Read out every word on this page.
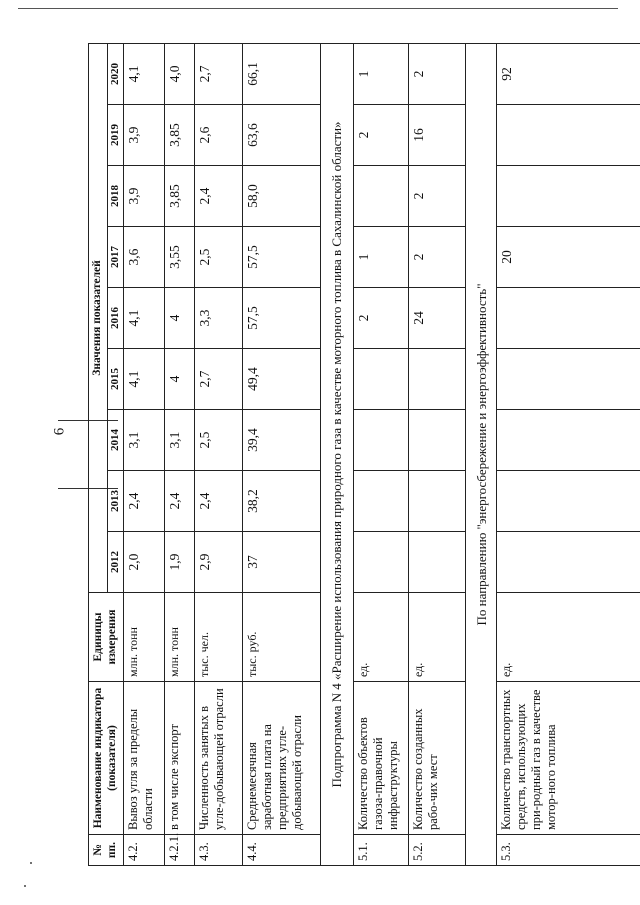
6
№ пп.	Наименование индикатора (показателя)	Единицы измерения	Значения показателей								
			2012	2013	2014	2015	2016	2017	2018	2019	2020
4.2.	Вывоз угля за пределы области	млн. тонн	2,0	2,4	3,1	4,1	4,1	3,6	3,9	3,9	4,1
4.2.1.	в том числе экспорт	млн. тонн	1,9	2,4	3,1	4	4	3,55	3,85	3,85	4,0
4.3.	Численность занятых в угле-добывающей отрасли	тыс. чел.	2,9	2,4	2,5	2,7	3,3	2,5	2,4	2,6	2,7
4.4.	Среднемесячная заработная плата на предприятиях угле-добывающей отрасли	тыс. руб.	37	38,2	39,4	49,4	57,5	57,5	58,0	63,6	66,1
Подпрограмма N 4 «Расширение использования природного газа в качестве моторного топлива в Сахалинской области»											
5.1.	Количество объектов газоза-правочной инфраструктуры	ед.					2	1		2	1
5.2.	Количество созданных рабо-чих мест	ед.					24	2	2	16	2
По направлению "энергосбережение и энергоэффективность"											
5.3.	Количество транспортных средств, использующих при-родный газ в качестве мотор-ного топлива	ед.						20			92
